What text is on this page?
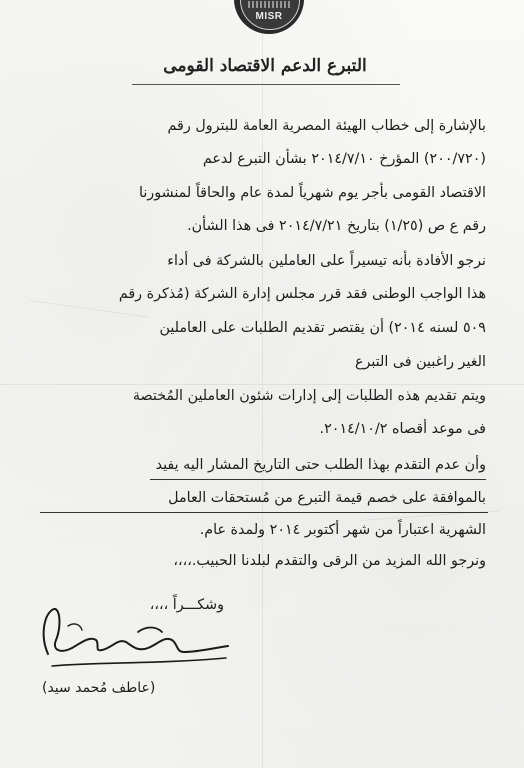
MISR
التبرع الدعم الاقتصاد القومى
بالإشارة إلى خطاب الهيئة المصرية العامة للبترول رقم
(٢٠٠/٧٢٠) المؤرخ ٢٠١٤/٧/١٠ بشأن التبرع لدعم
الاقتصاد القومى بأجر يوم شهرياً لمدة عام والحاقاً لمنشورنا
رقم ع ص (١/٢٥) بتاريخ ٢٠١٤/٧/٢١ فى هذا الشأن.
نرجو الأفادة بأنه تيسيراً على العاملين بالشركة فى أداء
هذا الواجب الوطنى فقد قرر مجلس إدارة الشركة (مُذكرة رقم
٥٠٩ لسنه ٢٠١٤) أن يقتصر تقديم الطلبات على العاملين
الغير راغبين فى التبرع
ويتم تقديم هذه الطلبات إلى إدارات شئون العاملين المُختصة
فى موعد أقصاه ٢٠١٤/١٠/٢.
وأن عدم التقدم بهذا الطلب حتى التاريخ المشار اليه يفيد
بالموافقة على خصم قيمة التبرع من مُستحقات العامل
الشهرية اعتباراً من شهر أكتوبر ٢٠١٤ ولمدة عام.
ونرجو الله المزيد من الرقى والتقدم لبلدنا الحبيب.،،،،
وشكـــراً ،،،،
(عاطف مُحمد سيد)
